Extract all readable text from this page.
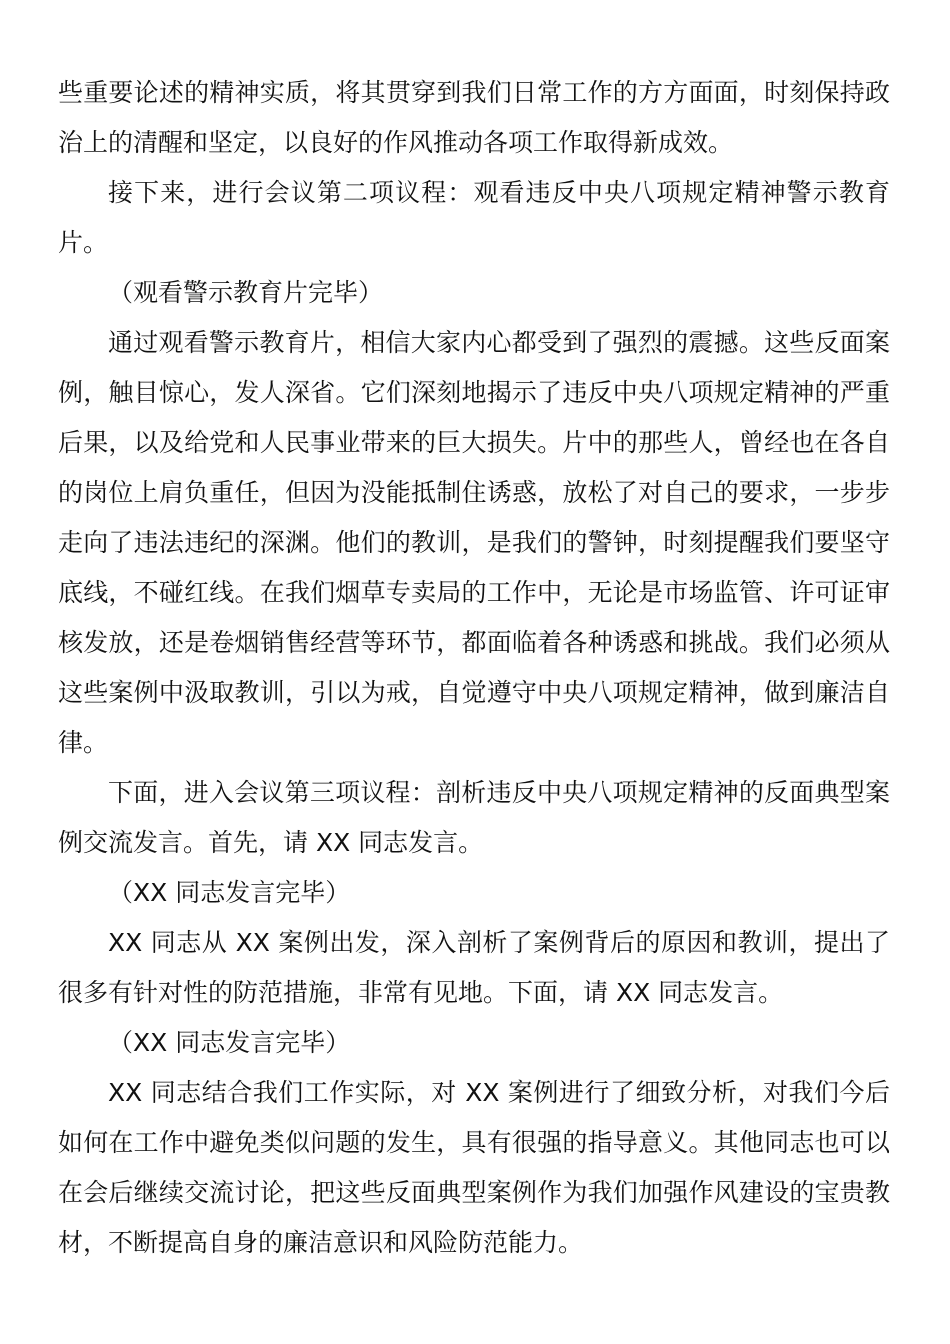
些重要论述的精神实质，将其贯穿到我们日常工作的方方面面，时刻保持政治上的清醒和坚定，以良好的作风推动各项工作取得新成效。

接下来，进行会议第二项议程：观看违反中央八项规定精神警示教育片。

（观看警示教育片完毕）

通过观看警示教育片，相信大家内心都受到了强烈的震撼。这些反面案例，触目惊心，发人深省。它们深刻地揭示了违反中央八项规定精神的严重后果，以及给党和人民事业带来的巨大损失。片中的那些人，曾经也在各自的岗位上肩负重任，但因为没能抵制住诱惑，放松了对自己的要求，一步步走向了违法违纪的深渊。他们的教训，是我们的警钟，时刻提醒我们要坚守底线，不碰红线。在我们烟草专卖局的工作中，无论是市场监管、许可证审核发放，还是卷烟销售经营等环节，都面临着各种诱惑和挑战。我们必须从这些案例中汲取教训，引以为戒，自觉遵守中央八项规定精神，做到廉洁自律。

下面，进入会议第三项议程：剖析违反中央八项规定精神的反面典型案例交流发言。首先，请 XX 同志发言。

（XX 同志发言完毕）

XX 同志从 XX 案例出发，深入剖析了案例背后的原因和教训，提出了很多有针对性的防范措施，非常有见地。下面，请 XX 同志发言。

（XX 同志发言完毕）

XX 同志结合我们工作实际，对 XX 案例进行了细致分析，对我们今后如何在工作中避免类似问题的发生，具有很强的指导意义。其他同志也可以在会后继续交流讨论，把这些反面典型案例作为我们加强作风建设的宝贵教材，不断提高自身的廉洁意识和风险防范能力。
